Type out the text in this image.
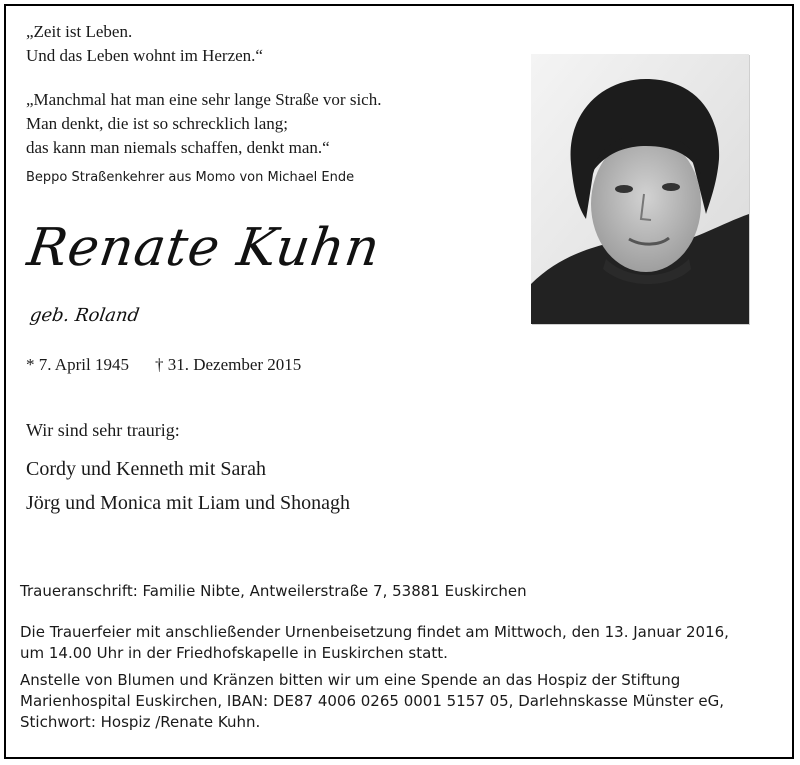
„Zeit ist Leben.
Und das Leben wohnt im Herzen.“
„Manchmal hat man eine sehr lange Straße vor sich.
Man denkt, die ist so schrecklich lang;
das kann man niemals schaffen, denkt man.“
Beppo Straßenkehrer aus Momo von Michael Ende
Renate Kuhn
geb. Roland
* 7. April 1945 † 31. Dezember 2015
Wir sind sehr traurig:
Cordy und Kenneth mit Sarah
Jörg und Monica mit Liam und Shonagh
Traueranschrift: Familie Nibte, Antweilerstraße 7, 53881 Euskirchen
Die Trauerfeier mit anschließender Urnenbeisetzung findet am Mittwoch, den 13. Januar 2016,
um 14.00 Uhr in der Friedhofskapelle in Euskirchen statt.
Anstelle von Blumen und Kränzen bitten wir um eine Spende an das Hospiz der Stiftung
Marienhospital Euskirchen, IBAN: DE87 4006 0265 0001 5157 05, Darlehnskasse Münster eG,
Stichwort: Hospiz /Renate Kuhn.
